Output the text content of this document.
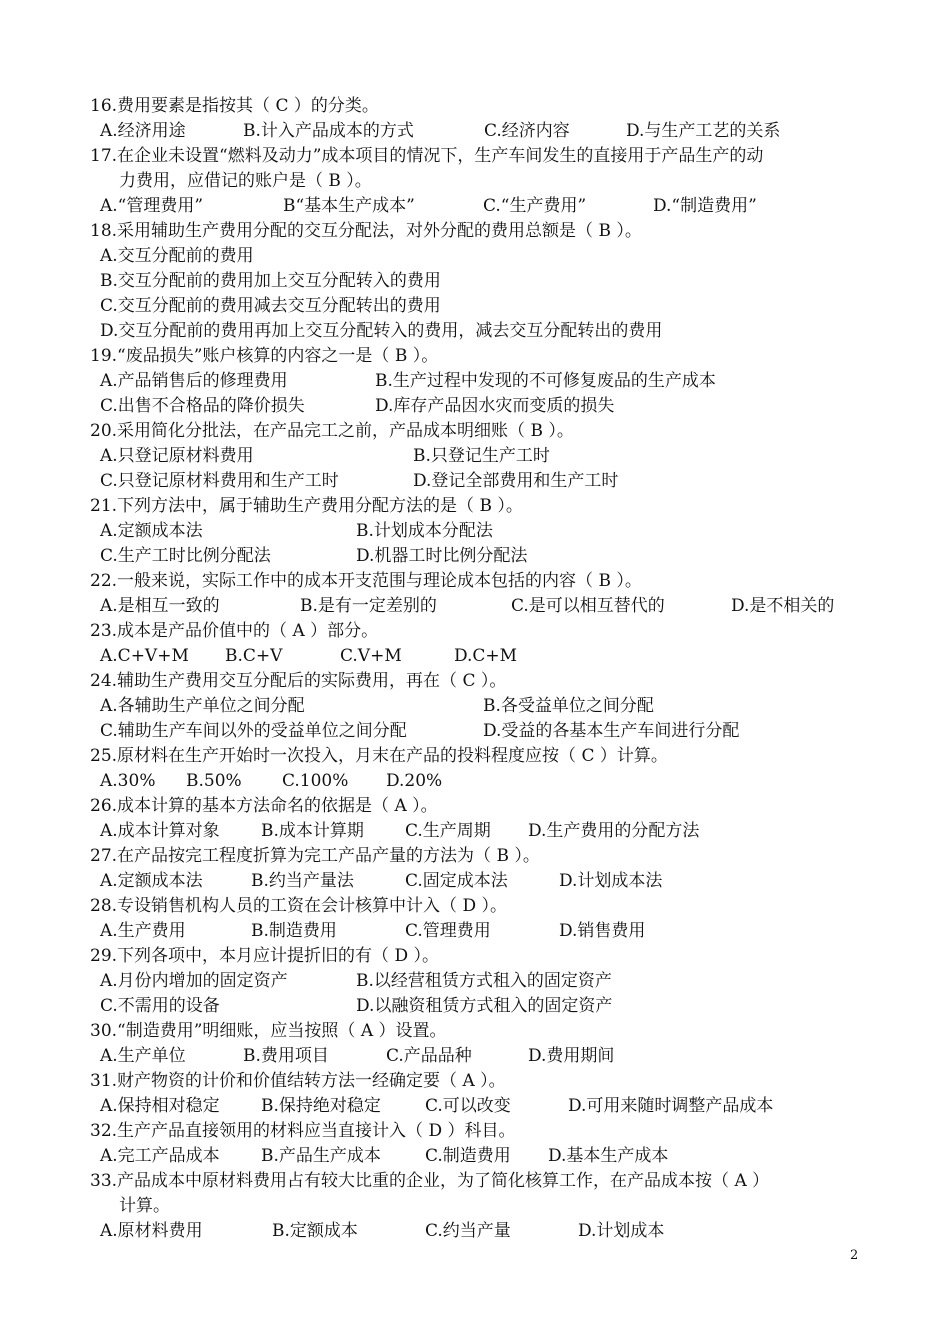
16.费用要素是指按其（ C ）的分类。
A.经济用途	B.计入产品成本的方式	C.经济内容	D.与生产工艺的关系
17.在企业未设置“燃料及动力”成本项目的情况下，生产车间发生的直接用于产品生产的动
力费用，应借记的账户是（ B ）。
A.“管理费用”	B“基本生产成本”	C.“生产费用”	D.“制造费用”
18.采用辅助生产费用分配的交互分配法，对外分配的费用总额是（ B ）。
A.交互分配前的费用
B.交互分配前的费用加上交互分配转入的费用
C.交互分配前的费用减去交互分配转出的费用
D.交互分配前的费用再加上交互分配转入的费用，减去交互分配转出的费用
19.“废品损失”账户核算的内容之一是（ B ）。
A.产品销售后的修理费用	B.生产过程中发现的不可修复废品的生产成本
C.出售不合格品的降价损失	D.库存产品因水灾而变质的损失
20.采用简化分批法，在产品完工之前，产品成本明细账（ B ）。
A.只登记原材料费用	B.只登记生产工时
C.只登记原材料费用和生产工时	D.登记全部费用和生产工时
21.下列方法中，属于辅助生产费用分配方法的是（ B ）。
A.定额成本法	B.计划成本分配法
C.生产工时比例分配法	D.机器工时比例分配法
22.一般来说，实际工作中的成本开支范围与理论成本包括的内容（ B ）。
A.是相互一致的	B.是有一定差别的	C.是可以相互替代的	D.是不相关的
23.成本是产品价值中的（ A ）部分。
A.C+V+M B.C+V	C.V+M	D.C+M
24.辅助生产费用交互分配后的实际费用，再在（ C ）。
A.各辅助生产单位之间分配	B.各受益单位之间分配
C.辅助生产车间以外的受益单位之间分配	D.受益的各基本生产车间进行分配
25.原材料在生产开始时一次投入，月末在产品的投料程度应按（ C ）计算。
A.30% B.50% C.100% D.20%
26.成本计算的基本方法命名的依据是（ A ）。
A.成本计算对象 B.成本计算期 C.生产周期 D.生产费用的分配方法
27.在产品按完工程度折算为完工产品产量的方法为（ B ）。
A.定额成本法	B.约当产量法	C.固定成本法	D.计划成本法
28.专设销售机构人员的工资在会计核算中计入（ D ）。
A.生产费用	B.制造费用	C.管理费用	D.销售费用
29.下列各项中，本月应计提折旧的有（ D ）。
A.月份内增加的固定资产	B.以经营租赁方式租入的固定资产
C.不需用的设备	D.以融资租赁方式租入的固定资产
30.“制造费用”明细账，应当按照（ A ）设置。
A.生产单位	B.费用项目	C.产品品种	D.费用期间
31.财产物资的计价和价值结转方法一经确定要（ A ）。
A.保持相对稳定 B.保持绝对稳定	C.可以改变	D.可用来随时调整产品成本
32.生产产品直接领用的材料应当直接计入（ D ）科目。
A.完工产品成本 B.产品生产成本	C.制造费用 D.基本生产成本
33.产品成本中原材料费用占有较大比重的企业，为了简化核算工作，在产品成本按（ A ）
计算。
A.原材料费用	B.定额成本	C.约当产量	D.计划成本
2
